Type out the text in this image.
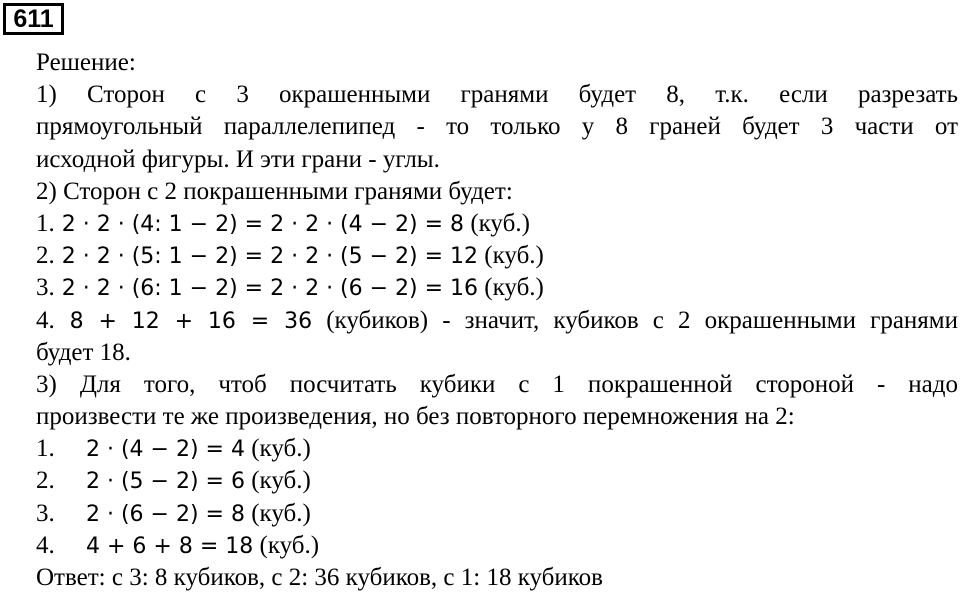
611
Решение:
1) Сторон с 3 окрашенными гранями будет 8, т.к. если разрезать
прямоугольный параллелепипед - то только у 8 граней будет 3 части от
исходной фигуры. И эти грани - углы.
2) Сторон с 2 покрашенными гранями будет:
1. 2 · 2 · (4: 1 − 2) = 2 · 2 · (4 − 2) = 8 (куб.)
2. 2 · 2 · (5: 1 − 2) = 2 · 2 · (5 − 2) = 12 (куб.)
3. 2 · 2 · (6: 1 − 2) = 2 · 2 · (6 − 2) = 16 (куб.)
4. 8 + 12 + 16 = 36 (кубиков) - значит, кубиков с 2 окрашенными гранями
будет 18.
3) Для того, чтоб посчитать кубики с 1 покрашенной стороной - надо
произвести те же произведения, но без повторного перемножения на 2:
1. 2 · (4 − 2) = 4 (куб.)
2. 2 · (5 − 2) = 6 (куб.)
3. 2 · (6 − 2) = 8 (куб.)
4. 4 + 6 + 8 = 18 (куб.)
Ответ: с 3: 8 кубиков, с 2: 36 кубиков, с 1: 18 кубиков
